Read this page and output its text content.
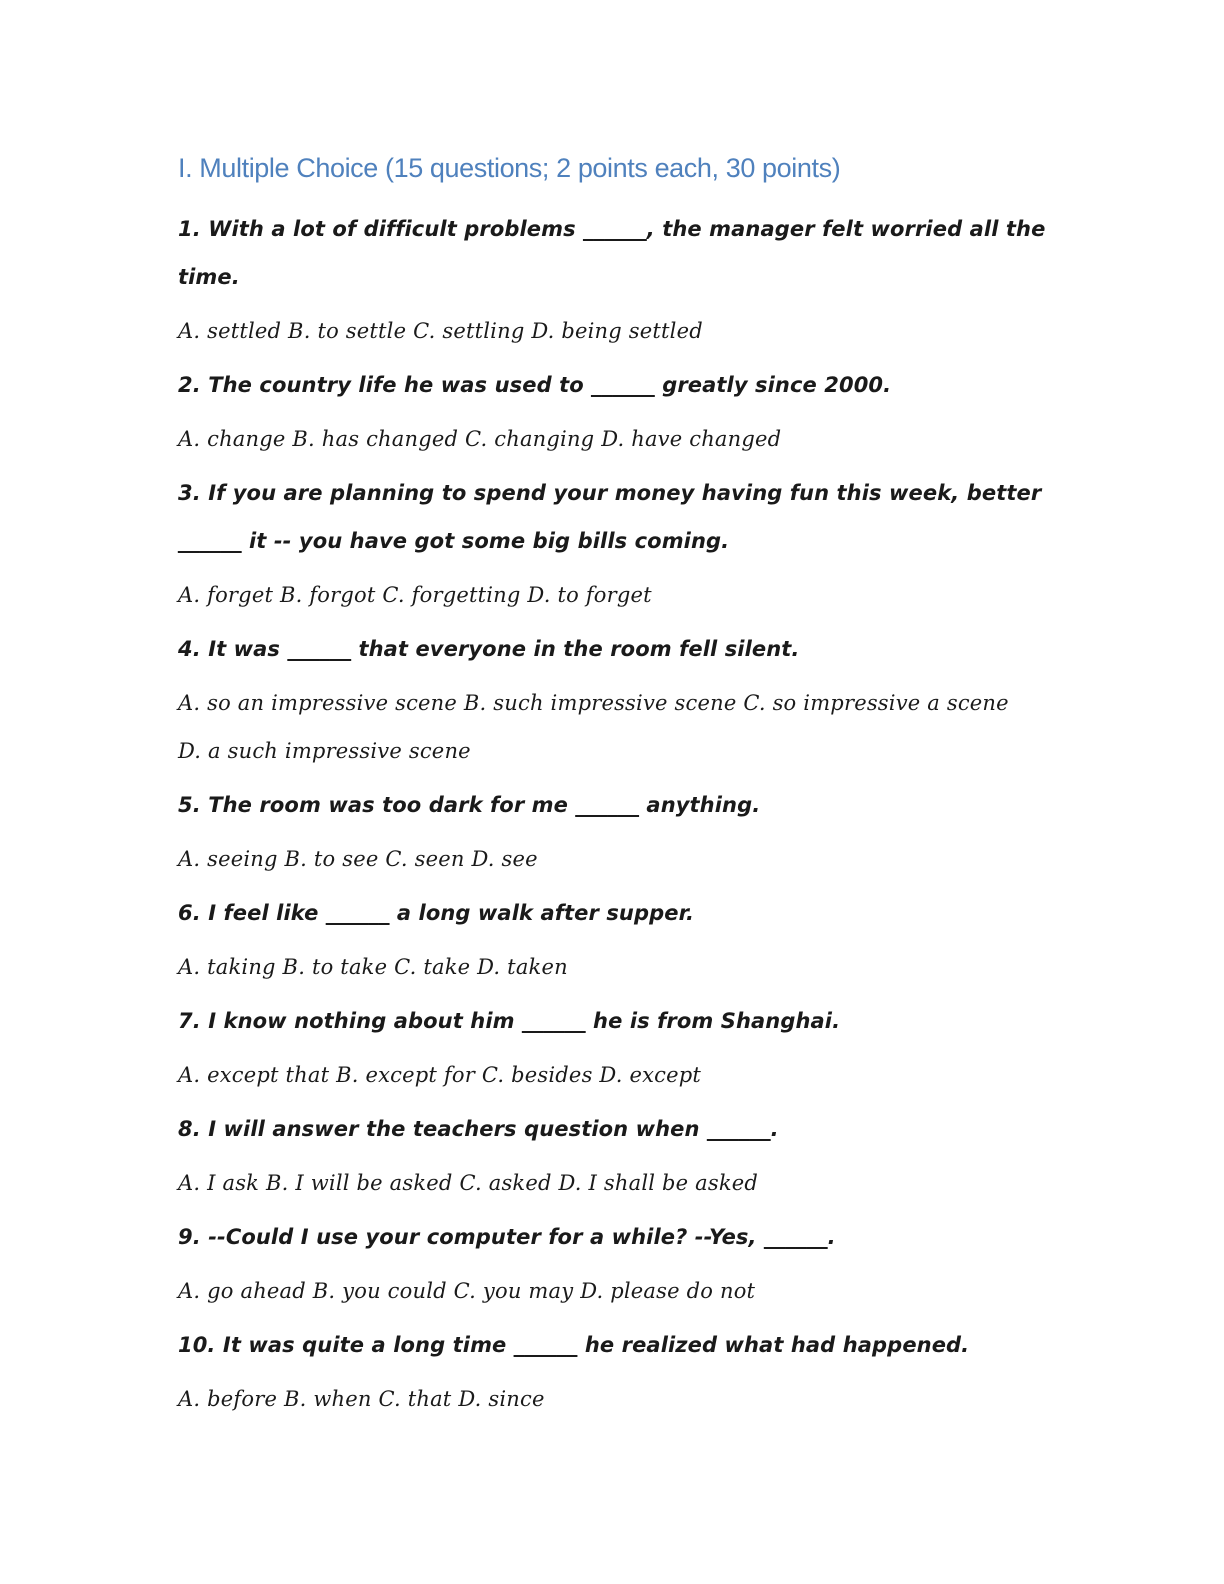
I. Multiple Choice (15 questions; 2 points each, 30 points)
1. With a lot of difficult problems ______, the manager felt worried all the
time.
A. settled B. to settle C. settling D. being settled
2. The country life he was used to ______ greatly since 2000.
A. change B. has changed C. changing D. have changed
3. If you are planning to spend your money having fun this week, better
______ it -- you have got some big bills coming.
A. forget B. forgot C. forgetting D. to forget
4. It was ______ that everyone in the room fell silent.
A. so an impressive scene B. such impressive scene C. so impressive a scene
D. a such impressive scene
5. The room was too dark for me ______ anything.
A. seeing B. to see C. seen D. see
6. I feel like ______ a long walk after supper.
A. taking B. to take C. take D. taken
7. I know nothing about him ______ he is from Shanghai.
A. except that B. except for C. besides D. except
8. I will answer the teachers question when ______.
A. I ask B. I will be asked C. asked D. I shall be asked
9. --Could I use your computer for a while? --Yes, ______.
A. go ahead B. you could C. you may D. please do not
10. It was quite a long time ______ he realized what had happened.
A. before B. when C. that D. since
